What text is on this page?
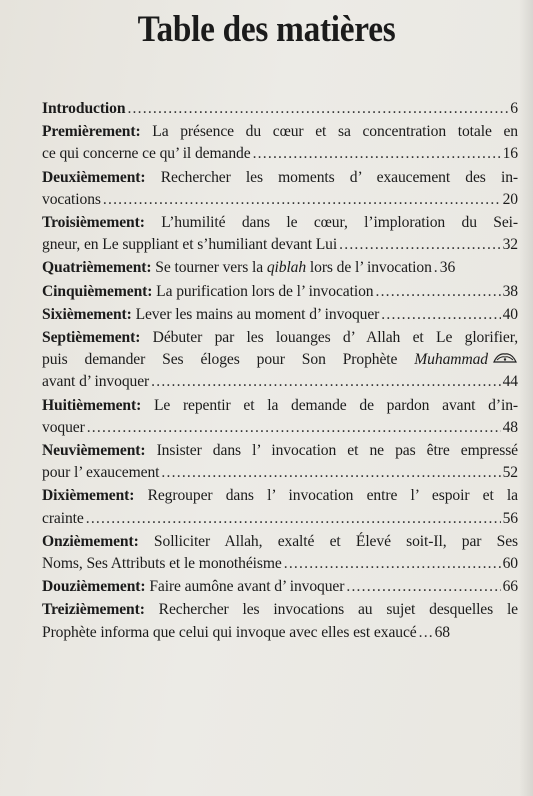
Table des matières
Introduction .....	6
Premièrement: La présence du cœur et sa concentration totale en
ce qui concerne ce qu’ il demande .....	16
Deuxièmement: Rechercher les moments d’ exaucement des in-
vocations .....	20
Troisièmement: L’humilité dans le cœur, l’imploration du Sei-
gneur, en Le suppliant et s’humiliant devant Lui .....	32
Quatrièmement: Se tourner vers la qiblah lors de l’ invocation ..... 36
Cinquièmement: La purification lors de l’ invocation .....	38
Sixièmement: Lever les mains au moment d’ invoquer .....	40
Septièmement: Débuter par les louanges d’ Allah et Le glorifier,
puis demander Ses éloges pour Son Prophète Muhammad
avant d’ invoquer .....	44
Huitièmement: Le repentir et la demande de pardon avant d’in-
voquer .....	48
Neuvièmement: Insister dans l’ invocation et ne pas être empressé
pour l’ exaucement .....	52
Dixièmement: Regrouper dans l’ invocation entre l’ espoir et la
crainte .....	56
Onzièmement: Solliciter Allah, exalté et Élevé soit-Il, par Ses
Noms, Ses Attributs et le monothéisme .....	60
Douzièmement: Faire aumône avant d’ invoquer .....	66
Treizièmement: Rechercher les invocations au sujet desquelles le
Prophète informa que celui qui invoque avec elles est exaucé ..... 68
